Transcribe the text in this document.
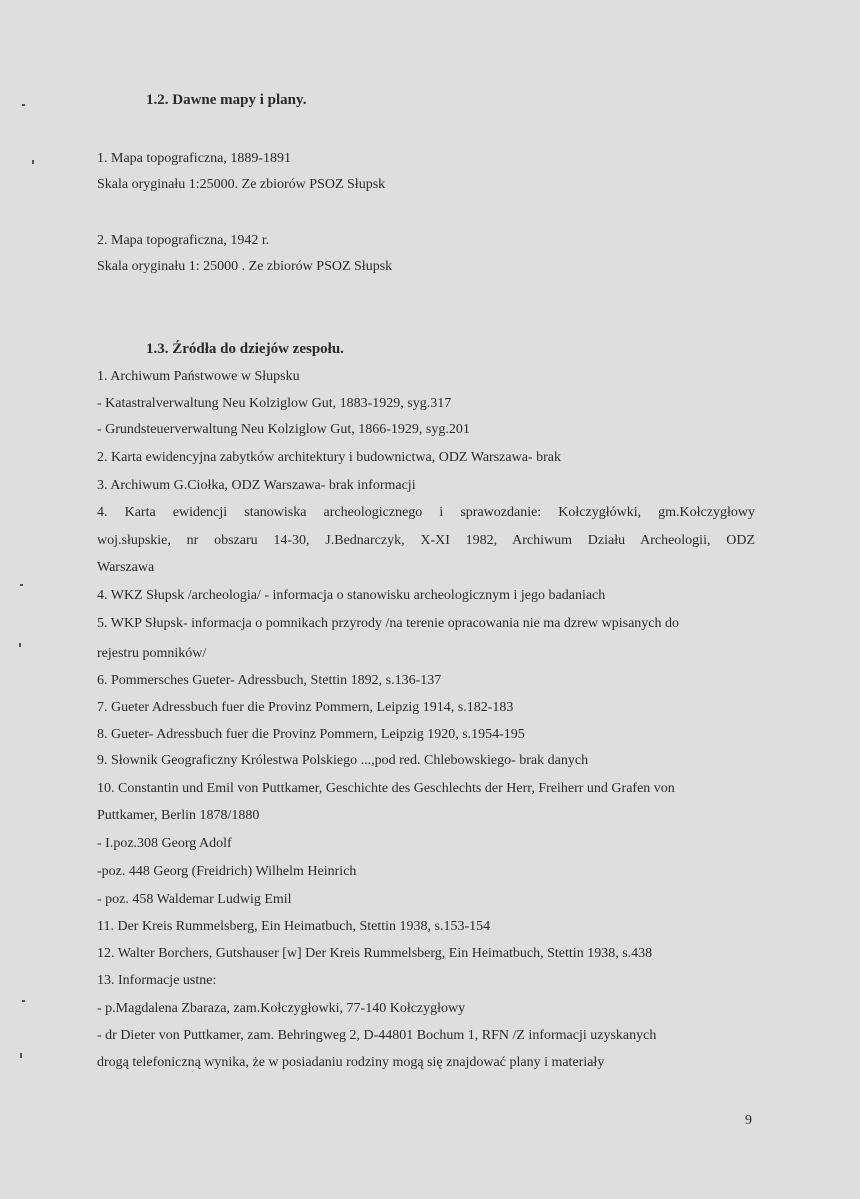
1.2. Dawne mapy i plany.
1. Mapa topograficzna, 1889-1891
Skala oryginału 1:25000. Ze zbiorów PSOZ Słupsk
2. Mapa topograficzna, 1942 r.
Skala oryginału 1: 25000 . Ze zbiorów PSOZ Słupsk
1.3. Źródła do dziejów zespołu.
1. Archiwum Państwowe w Słupsku
- Katastralverwaltung Neu Kolziglow Gut, 1883-1929, syg.317
- Grundsteuerverwaltung Neu Kolziglow Gut, 1866-1929, syg.201
2. Karta ewidencyjna zabytków architektury i budownictwa, ODZ Warszawa- brak
3. Archiwum G.Ciołka, ODZ Warszawa- brak informacji
4. Karta ewidencji stanowiska archeologicznego i sprawozdanie: Kołczygłówki, gm.Kołczygłowy
woj.słupskie, nr obszaru 14-30, J.Bednarczyk, X-XI 1982, Archiwum Działu Archeologii, ODZ
Warszawa
4. WKZ Słupsk /archeologia/ - informacja o stanowisku archeologicznym i jego badaniach
5. WKP Słupsk- informacja o pomnikach przyrody /na terenie opracowania nie ma dzrew wpisanych do
rejestru pomników/
6. Pommersches Gueter- Adressbuch, Stettin 1892, s.136-137
7. Gueter Adressbuch fuer die Provinz Pommern, Leipzig 1914, s.182-183
8. Gueter- Adressbuch fuer die Provinz Pommern, Leipzig 1920, s.1954-195
9. Słownik Geograficzny Królestwa Polskiego ...,pod red. Chlebowskiego- brak danych
10. Constantin und Emil von Puttkamer, Geschichte des Geschlechts der Herr, Freiherr und Grafen von
Puttkamer, Berlin 1878/1880
- I.poz.308 Georg Adolf
-poz. 448 Georg (Freidrich) Wilhelm Heinrich
- poz. 458 Waldemar Ludwig Emil
11. Der Kreis Rummelsberg, Ein Heimatbuch, Stettin 1938, s.153-154
12. Walter Borchers, Gutshauser [w] Der Kreis Rummelsberg, Ein Heimatbuch, Stettin 1938, s.438
13. Informacje ustne:
- p.Magdalena Zbaraza, zam.Kołczygłowki, 77-140 Kołczygłowy
- dr Dieter von Puttkamer, zam. Behringweg 2, D-44801 Bochum 1, RFN /Z informacji uzyskanych
drogą telefoniczną wynika, że w posiadaniu rodziny mogą się znajdować plany i materiały
9
